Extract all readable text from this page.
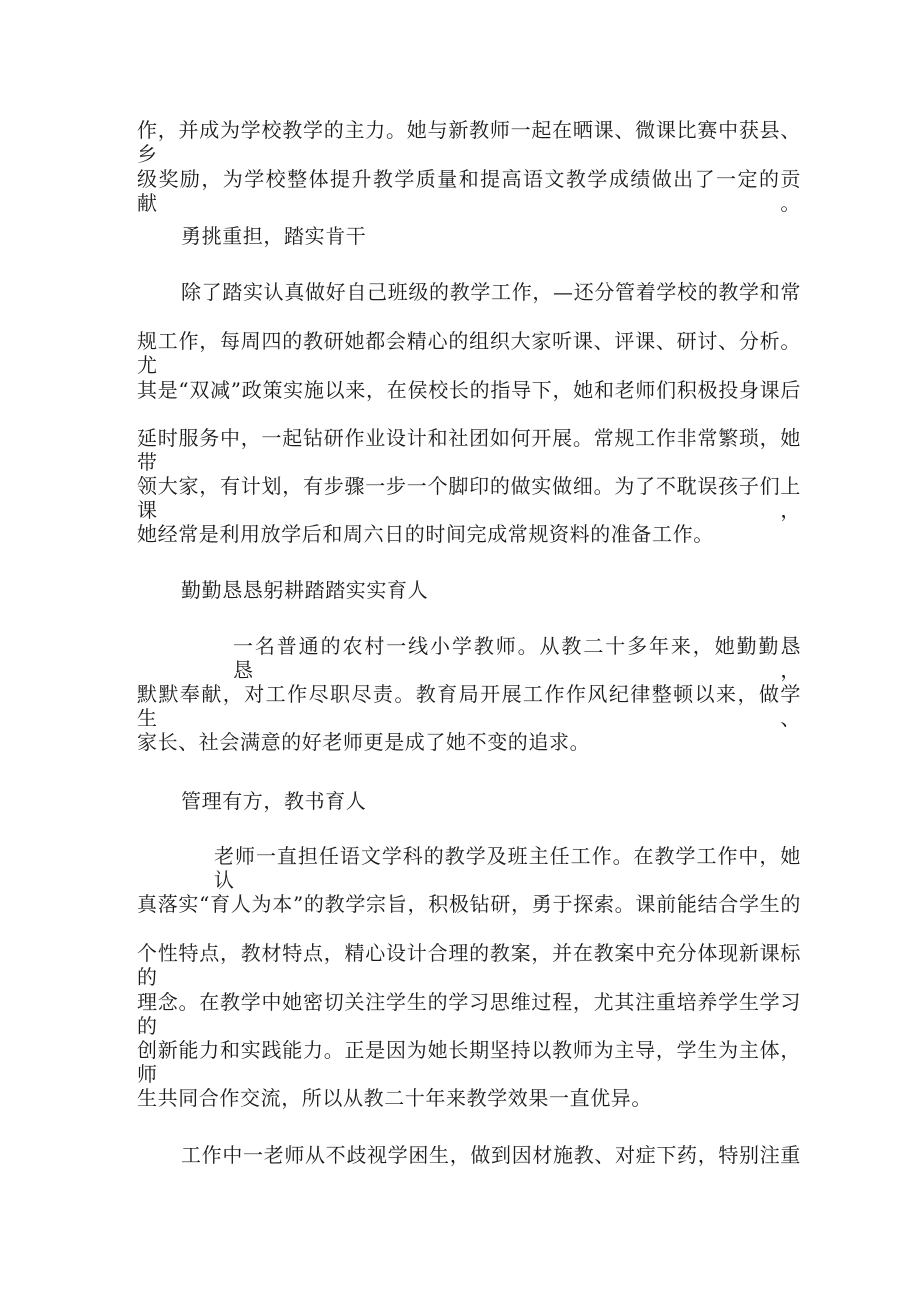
作，并成为学校教学的主力。她与新教师一起在晒课、微课比赛中获县、乡
级奖励，为学校整体提升教学质量和提高语文教学成绩做出了一定的贡献。
勇挑重担，踏实肯干
除了踏实认真做好自己班级的教学工作，—还分管着学校的教学和常
规工作，每周四的教研她都会精心的组织大家听课、评课、研讨、分析。尤
其是“双减”政策实施以来，在侯校长的指导下，她和老师们积极投身课后
延时服务中，一起钻研作业设计和社团如何开展。常规工作非常繁琐，她带
领大家，有计划，有步骤一步一个脚印的做实做细。为了不耽误孩子们上课，
她经常是利用放学后和周六日的时间完成常规资料的准备工作。
勤勤恳恳躬耕踏踏实实育人
一名普通的农村一线小学教师。从教二十多年来，她勤勤恳恳，
默默奉献，对工作尽职尽责。教育局开展工作作风纪律整顿以来，做学生、
家长、社会满意的好老师更是成了她不变的追求。
管理有方，教书育人
老师一直担任语文学科的教学及班主任工作。在教学工作中，她认
真落实“育人为本”的教学宗旨，积极钻研，勇于探索。课前能结合学生的
个性特点，教材特点，精心设计合理的教案，并在教案中充分体现新课标的
理念。在教学中她密切关注学生的学习思维过程，尤其注重培养学生学习的
创新能力和实践能力。正是因为她长期坚持以教师为主导，学生为主体，师
生共同合作交流，所以从教二十年来教学效果一直优异。
工作中一老师从不歧视学困生，做到因材施教、对症下药，特别注重
